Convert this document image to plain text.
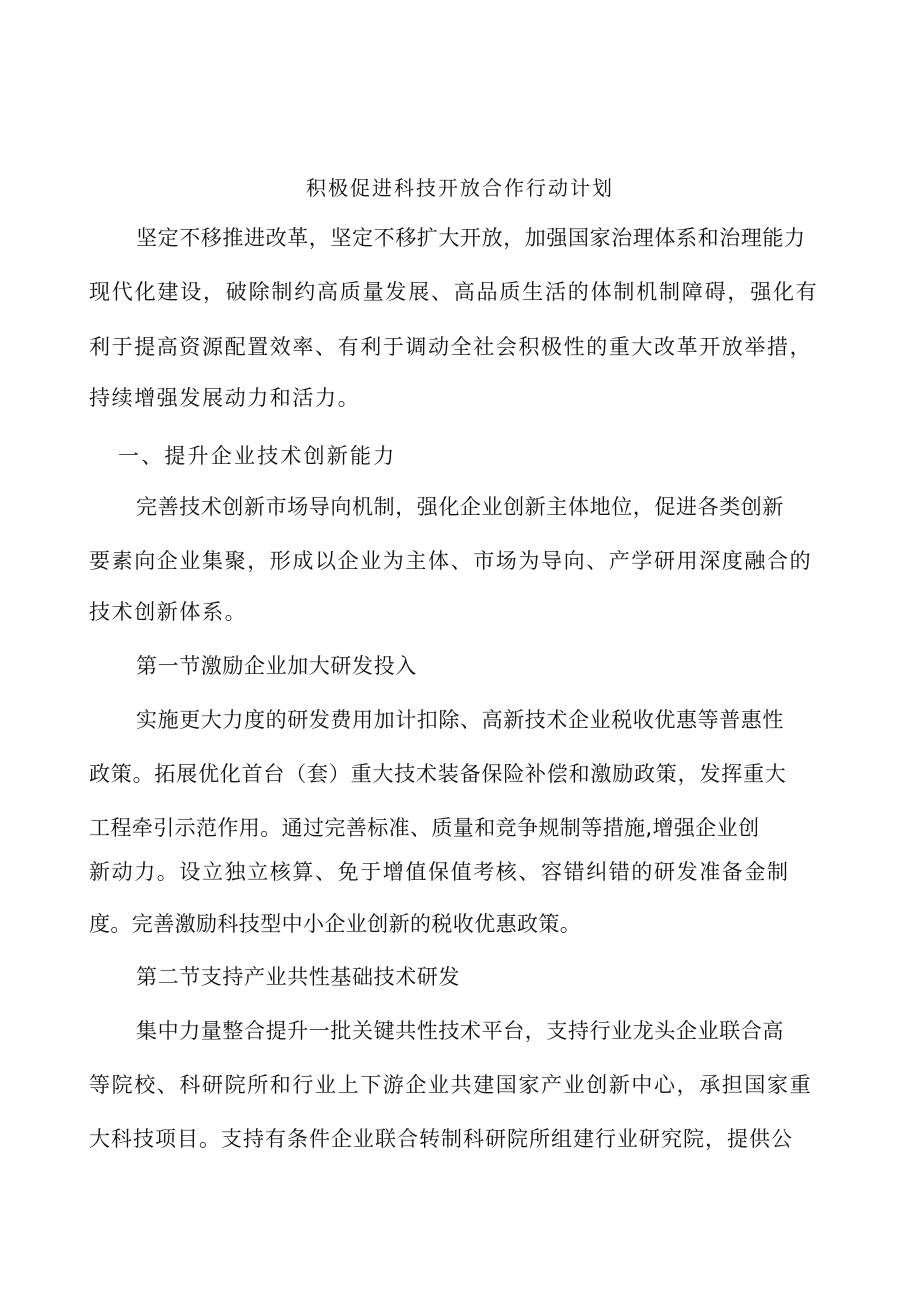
积极促进科技开放合作行动计划
坚定不移推进改革，坚定不移扩大开放，加强国家治理体系和治理能力
现代化建设，破除制约高质量发展、高品质生活的体制机制障碍，强化有
利于提高资源配置效率、有利于调动全社会积极性的重大改革开放举措，
持续增强发展动力和活力。
一、提升企业技术创新能力
完善技术创新市场导向机制，强化企业创新主体地位，促进各类创新
要素向企业集聚，形成以企业为主体、市场为导向、产学研用深度融合的
技术创新体系。
第一节激励企业加大研发投入
实施更大力度的研发费用加计扣除、高新技术企业税收优惠等普惠性
政策。拓展优化首台（套）重大技术装备保险补偿和激励政策，发挥重大
工程牵引示范作用。通过完善标准、质量和竞争规制等措施,增强企业创
新动力。设立独立核算、免于增值保值考核、容错纠错的研发准备金制
度。完善激励科技型中小企业创新的税收优惠政策。
第二节支持产业共性基础技术研发
集中力量整合提升一批关键共性技术平台，支持行业龙头企业联合高
等院校、科研院所和行业上下游企业共建国家产业创新中心，承担国家重
大科技项目。支持有条件企业联合转制科研院所组建行业研究院，提供公
